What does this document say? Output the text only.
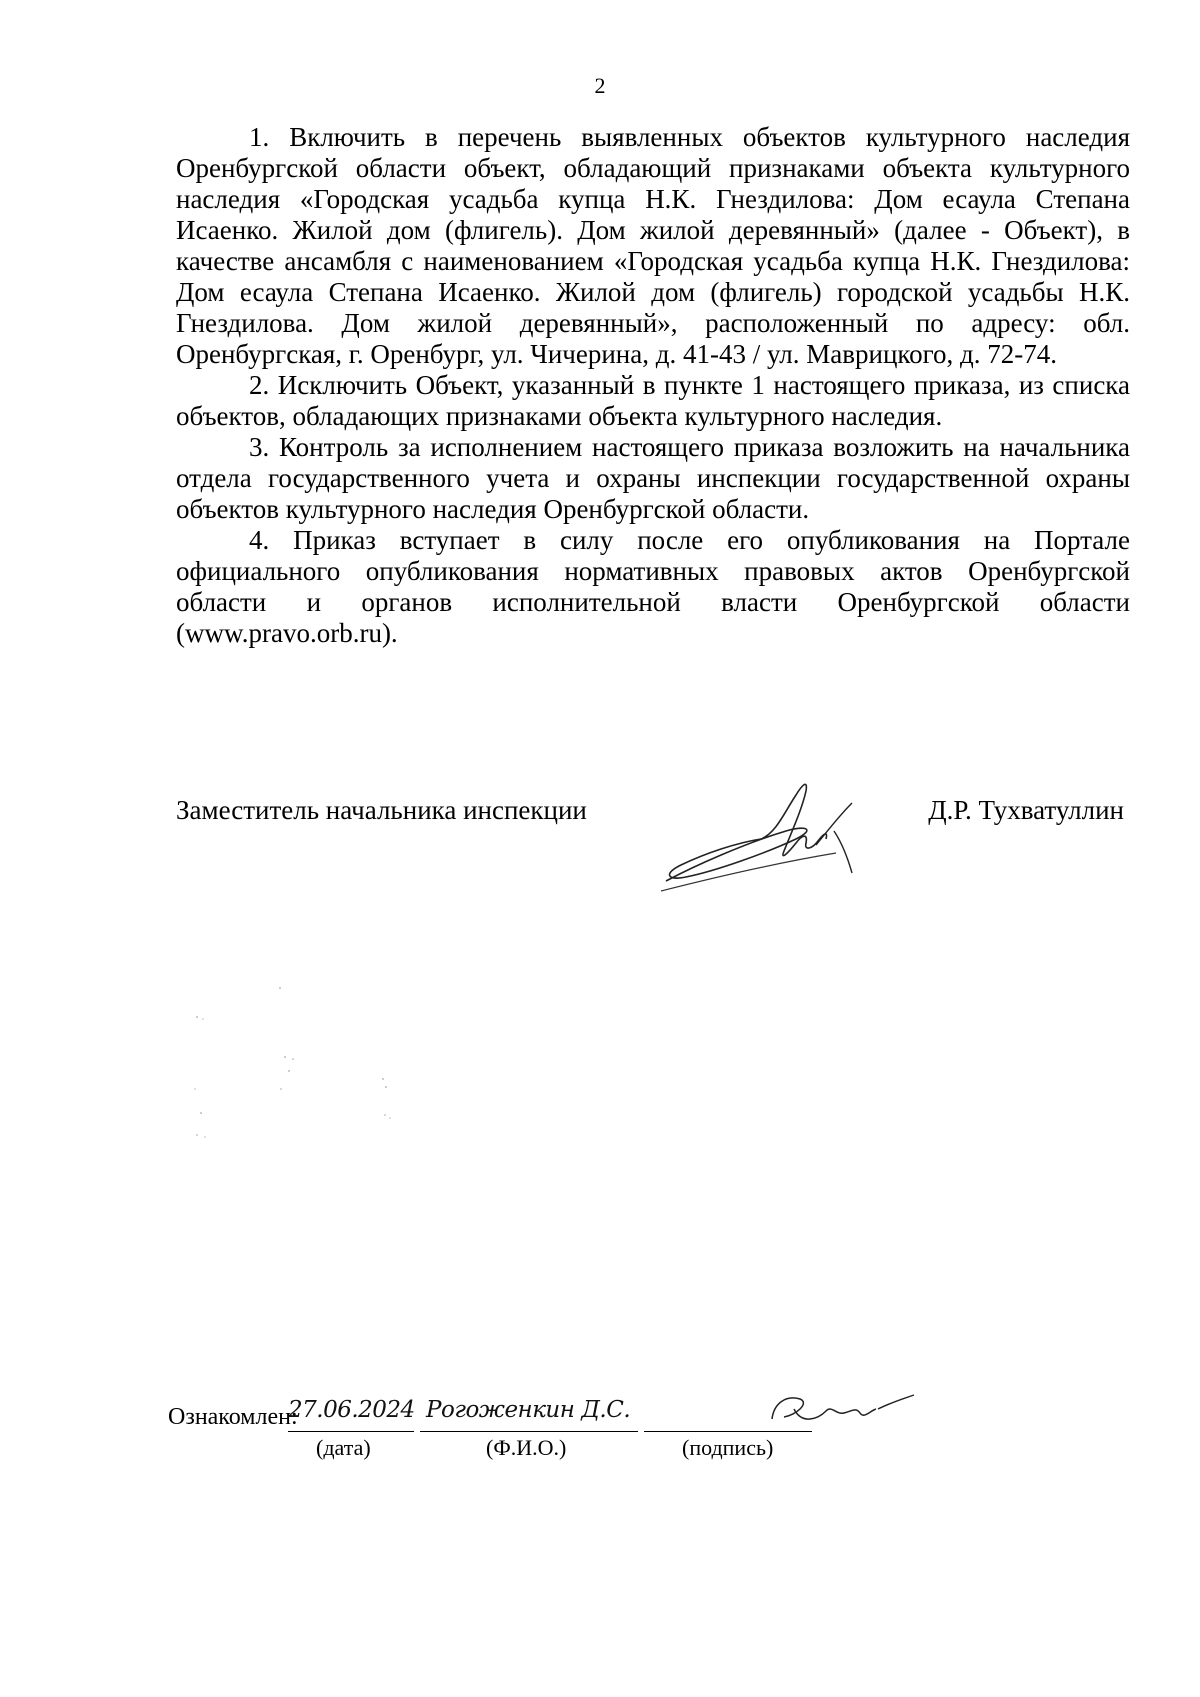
2

1. Включить в перечень выявленных объектов культурного наследия Оренбургской области объект, обладающий признаками объекта культурного наследия «Городская усадьба купца Н.К. Гнездилова: Дом есаула Степана Исаенко. Жилой дом (флигель). Дом жилой деревянный» (далее - Объект), в качестве ансамбля с наименованием «Городская усадьба купца Н.К. Гнездилова: Дом есаула Степана Исаенко. Жилой дом (флигель) городской усадьбы Н.К. Гнездилова. Дом жилой деревянный», расположенный по адресу: обл. Оренбургская, г. Оренбург, ул. Чичерина, д. 41-43 / ул. Маврицкого, д. 72-74.

2. Исключить Объект, указанный в пункте 1 настоящего приказа, из списка объектов, обладающих признаками объекта культурного наследия.

3. Контроль за исполнением настоящего приказа возложить на начальника отдела государственного учета и охраны инспекции государственной охраны объектов культурного наследия Оренбургской области.

4. Приказ вступает в силу после его опубликования на Портале официального опубликования нормативных правовых актов Оренбургской области и органов исполнительной власти Оренбургской области (www.pravo.orb.ru).

Заместитель начальника инспекции	Д.Р. Тухватуллин
Ознакомлен:
27.06.2024 Рогоженкин Д.С.
(дата)	(Ф.И.О.)	(подпись)
